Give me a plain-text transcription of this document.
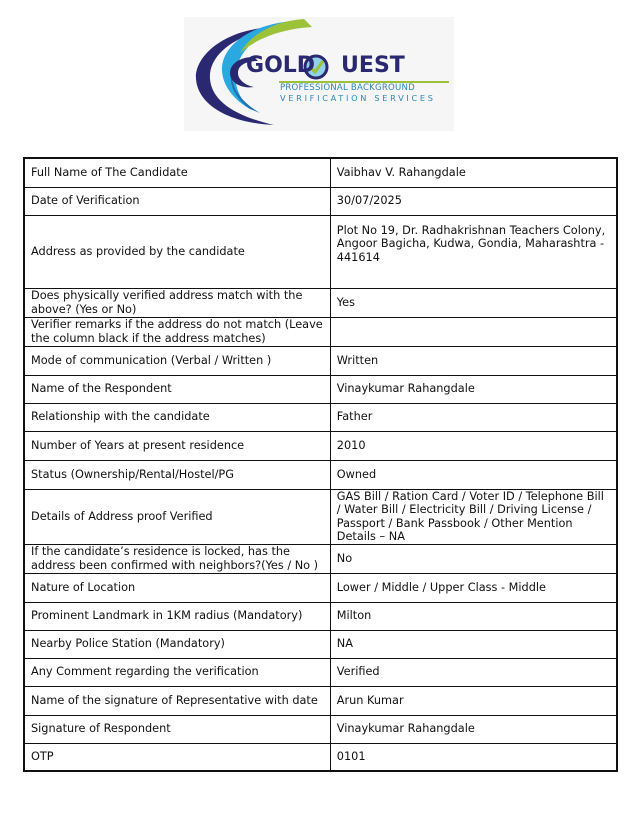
GOLD UEST
PROFESSIONAL BACKGROUND
VERIFICATION SERVICES
Full Name of The Candidate	Vaibhav V. Rahangdale
Date of Verification	30/07/2025
Address as provided by the candidate	Plot No 19, Dr. Radhakrishnan Teachers Colony, Angoor Bagicha, Kudwa, Gondia, Maharashtra - 441614
Does physically verified address match with the above? (Yes or No)	Yes
Verifier remarks if the address do not match (Leave the column black if the address matches)	
Mode of communication (Verbal / Written )	Written
Name of the Respondent	Vinaykumar Rahangdale
Relationship with the candidate	Father
Number of Years at present residence	2010
Status (Ownership/Rental/Hostel/PG	Owned
Details of Address proof Verified	GAS Bill / Ration Card / Voter ID / Telephone Bill / Water Bill / Electricity Bill / Driving License / Passport / Bank Passbook / Other Mention Details – NA
If the candidate’s residence is locked, has the address been confirmed with neighbors?(Yes / No )	No
Nature of Location	Lower / Middle / Upper Class - Middle
Prominent Landmark in 1KM radius (Mandatory)	Milton
Nearby Police Station (Mandatory)	NA
Any Comment regarding the verification	Verified
Name of the signature of Representative with date	Arun Kumar
Signature of Respondent	Vinaykumar Rahangdale
OTP	0101
